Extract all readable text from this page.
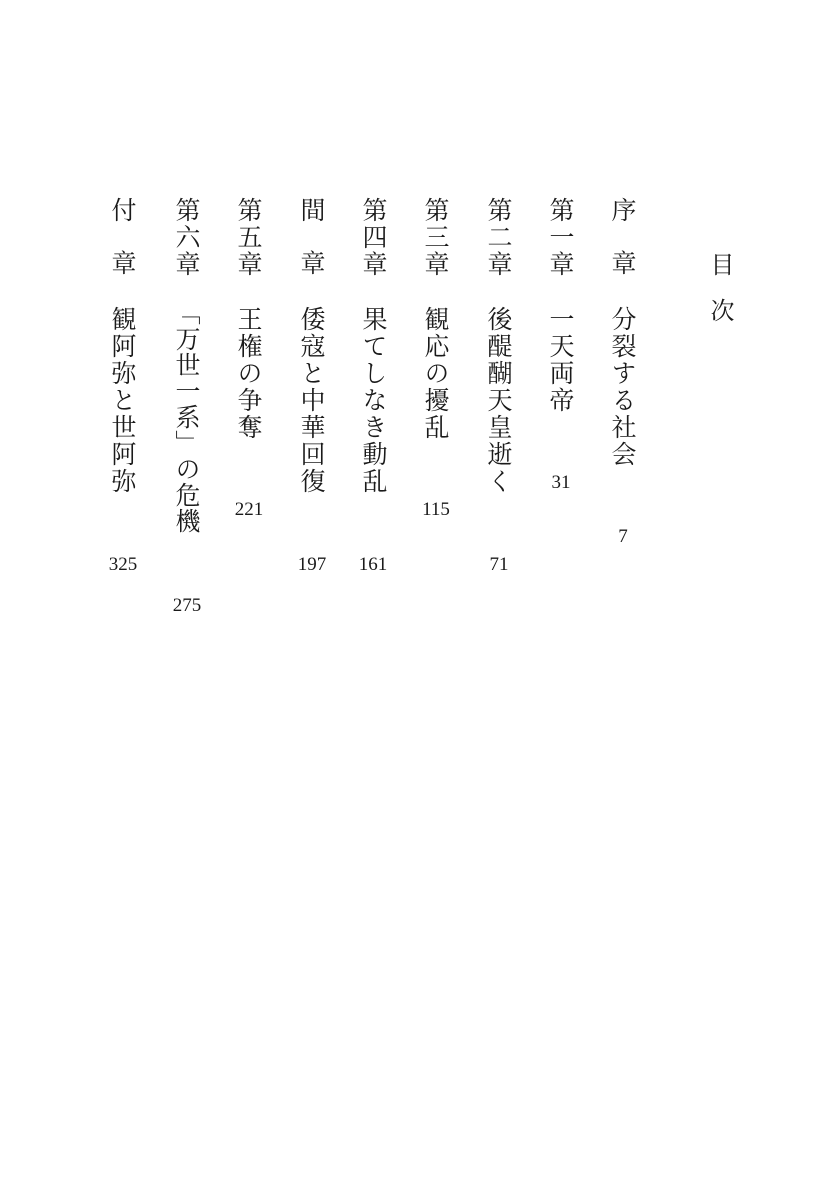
目次
序章
分裂する社会
7
第一章
一天両帝
31
第二章
後醍醐天皇逝く
71
第三章
観応の擾乱
115
第四章
果てしなき動乱
161
間章
倭寇と中華回復
197
第五章
王権の争奪
221
第六章
「万世一系」の危機
275
付章
観阿弥と世阿弥
325
